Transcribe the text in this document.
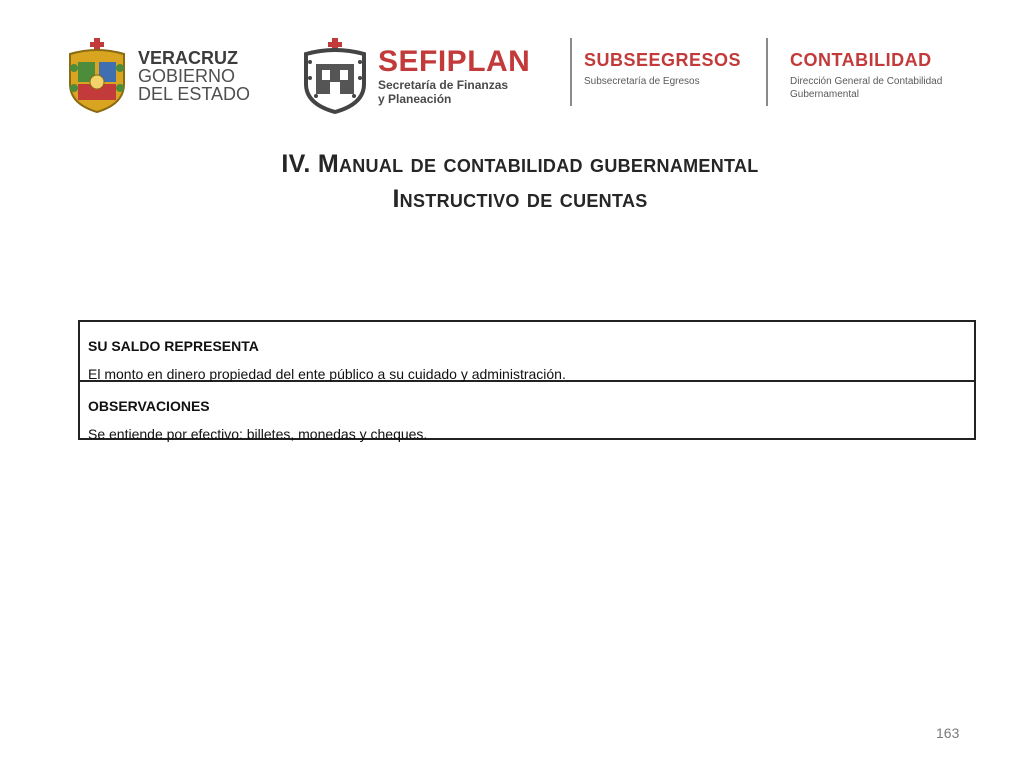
VERACRUZ
GOBIERNO
DEL ESTADO
SEFIPLAN
Secretaría de Finanzas
y Planeación
SUBSEEGRESOS
Subsecretaría de Egresos
CONTABILIDAD
Dirección General de Contabilidad
Gubernamental
IV. Manual de contabilidad gubernamental
Instructivo de cuentas

SU SALDO REPRESENTA

El monto en dinero propiedad del ente público a su cuidado y administración.

OBSERVACIONES

Se entiende por efectivo: billetes, monedas y cheques.

163
